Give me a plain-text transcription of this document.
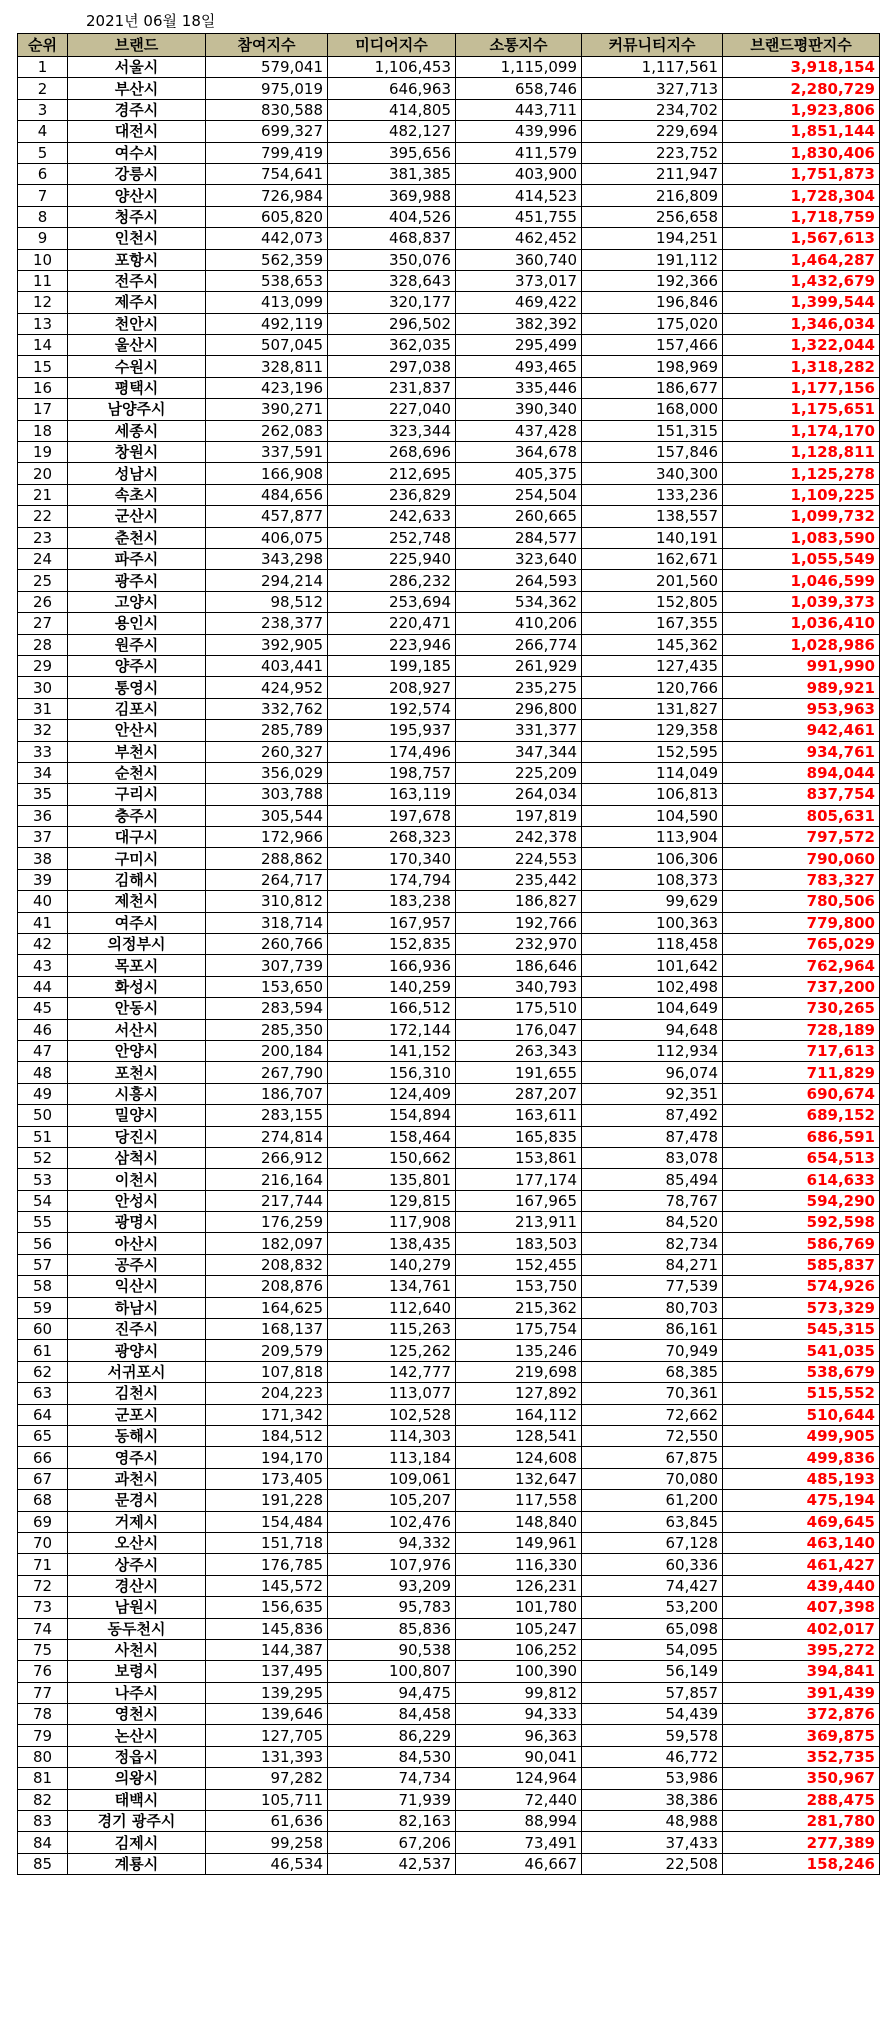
2021년 06월 18일
순위	브랜드	참여지수	미디어지수	소통지수	커뮤니티지수	브랜드평판지수
1	서울시	579,041	1,106,453	1,115,099	1,117,561	3,918,154
2	부산시	975,019	646,963	658,746	327,713	2,280,729
3	경주시	830,588	414,805	443,711	234,702	1,923,806
4	대전시	699,327	482,127	439,996	229,694	1,851,144
5	여수시	799,419	395,656	411,579	223,752	1,830,406
6	강릉시	754,641	381,385	403,900	211,947	1,751,873
7	양산시	726,984	369,988	414,523	216,809	1,728,304
8	청주시	605,820	404,526	451,755	256,658	1,718,759
9	인천시	442,073	468,837	462,452	194,251	1,567,613
10	포항시	562,359	350,076	360,740	191,112	1,464,287
11	전주시	538,653	328,643	373,017	192,366	1,432,679
12	제주시	413,099	320,177	469,422	196,846	1,399,544
13	천안시	492,119	296,502	382,392	175,020	1,346,034
14	울산시	507,045	362,035	295,499	157,466	1,322,044
15	수원시	328,811	297,038	493,465	198,969	1,318,282
16	평택시	423,196	231,837	335,446	186,677	1,177,156
17	남양주시	390,271	227,040	390,340	168,000	1,175,651
18	세종시	262,083	323,344	437,428	151,315	1,174,170
19	창원시	337,591	268,696	364,678	157,846	1,128,811
20	성남시	166,908	212,695	405,375	340,300	1,125,278
21	속초시	484,656	236,829	254,504	133,236	1,109,225
22	군산시	457,877	242,633	260,665	138,557	1,099,732
23	춘천시	406,075	252,748	284,577	140,191	1,083,590
24	파주시	343,298	225,940	323,640	162,671	1,055,549
25	광주시	294,214	286,232	264,593	201,560	1,046,599
26	고양시	98,512	253,694	534,362	152,805	1,039,373
27	용인시	238,377	220,471	410,206	167,355	1,036,410
28	원주시	392,905	223,946	266,774	145,362	1,028,986
29	양주시	403,441	199,185	261,929	127,435	991,990
30	통영시	424,952	208,927	235,275	120,766	989,921
31	김포시	332,762	192,574	296,800	131,827	953,963
32	안산시	285,789	195,937	331,377	129,358	942,461
33	부천시	260,327	174,496	347,344	152,595	934,761
34	순천시	356,029	198,757	225,209	114,049	894,044
35	구리시	303,788	163,119	264,034	106,813	837,754
36	충주시	305,544	197,678	197,819	104,590	805,631
37	대구시	172,966	268,323	242,378	113,904	797,572
38	구미시	288,862	170,340	224,553	106,306	790,060
39	김해시	264,717	174,794	235,442	108,373	783,327
40	제천시	310,812	183,238	186,827	99,629	780,506
41	여주시	318,714	167,957	192,766	100,363	779,800
42	의정부시	260,766	152,835	232,970	118,458	765,029
43	목포시	307,739	166,936	186,646	101,642	762,964
44	화성시	153,650	140,259	340,793	102,498	737,200
45	안동시	283,594	166,512	175,510	104,649	730,265
46	서산시	285,350	172,144	176,047	94,648	728,189
47	안양시	200,184	141,152	263,343	112,934	717,613
48	포천시	267,790	156,310	191,655	96,074	711,829
49	시흥시	186,707	124,409	287,207	92,351	690,674
50	밀양시	283,155	154,894	163,611	87,492	689,152
51	당진시	274,814	158,464	165,835	87,478	686,591
52	삼척시	266,912	150,662	153,861	83,078	654,513
53	이천시	216,164	135,801	177,174	85,494	614,633
54	안성시	217,744	129,815	167,965	78,767	594,290
55	광명시	176,259	117,908	213,911	84,520	592,598
56	아산시	182,097	138,435	183,503	82,734	586,769
57	공주시	208,832	140,279	152,455	84,271	585,837
58	익산시	208,876	134,761	153,750	77,539	574,926
59	하남시	164,625	112,640	215,362	80,703	573,329
60	진주시	168,137	115,263	175,754	86,161	545,315
61	광양시	209,579	125,262	135,246	70,949	541,035
62	서귀포시	107,818	142,777	219,698	68,385	538,679
63	김천시	204,223	113,077	127,892	70,361	515,552
64	군포시	171,342	102,528	164,112	72,662	510,644
65	동해시	184,512	114,303	128,541	72,550	499,905
66	영주시	194,170	113,184	124,608	67,875	499,836
67	과천시	173,405	109,061	132,647	70,080	485,193
68	문경시	191,228	105,207	117,558	61,200	475,194
69	거제시	154,484	102,476	148,840	63,845	469,645
70	오산시	151,718	94,332	149,961	67,128	463,140
71	상주시	176,785	107,976	116,330	60,336	461,427
72	경산시	145,572	93,209	126,231	74,427	439,440
73	남원시	156,635	95,783	101,780	53,200	407,398
74	동두천시	145,836	85,836	105,247	65,098	402,017
75	사천시	144,387	90,538	106,252	54,095	395,272
76	보령시	137,495	100,807	100,390	56,149	394,841
77	나주시	139,295	94,475	99,812	57,857	391,439
78	영천시	139,646	84,458	94,333	54,439	372,876
79	논산시	127,705	86,229	96,363	59,578	369,875
80	정읍시	131,393	84,530	90,041	46,772	352,735
81	의왕시	97,282	74,734	124,964	53,986	350,967
82	태백시	105,711	71,939	72,440	38,386	288,475
83	경기 광주시	61,636	82,163	88,994	48,988	281,780
84	김제시	99,258	67,206	73,491	37,433	277,389
85	계룡시	46,534	42,537	46,667	22,508	158,246
